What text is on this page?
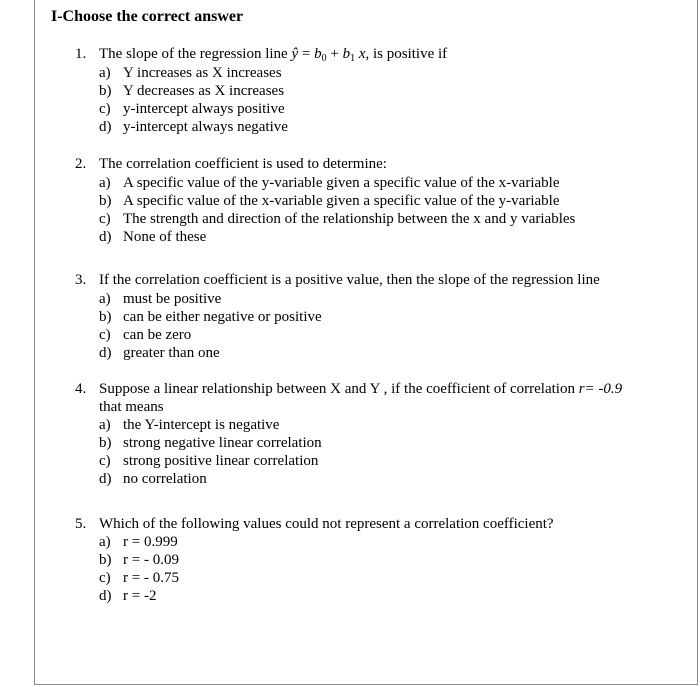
I-Choose the correct answer
1. The slope of the regression line ŷ = $b_0 + b_1$ x, is positive if
a) Y increases as X increases
b) Y decreases as X increases
c) y-intercept always positive
d) y-intercept always negative
2. The correlation coefficient is used to determine:
a) A specific value of the y-variable given a specific value of the x-variable
b) A specific value of the x-variable given a specific value of the y-variable
c) The strength and direction of the relationship between the x and y variables
d) None of these
3. If the correlation coefficient is a positive value, then the slope of the regression line
a) must be positive
b) can be either negative or positive
c) can be zero
d) greater than one
4. Suppose a linear relationship between X and Y , if the coefficient of correlation r= -0.9
that means
a) the Y-intercept is negative
b) strong negative linear correlation
c) strong positive linear correlation
d) no correlation
5. Which of the following values could not represent a correlation coefficient?
a) r = 0.999
b) r = - 0.09
c) r = - 0.75
d) r = -2
